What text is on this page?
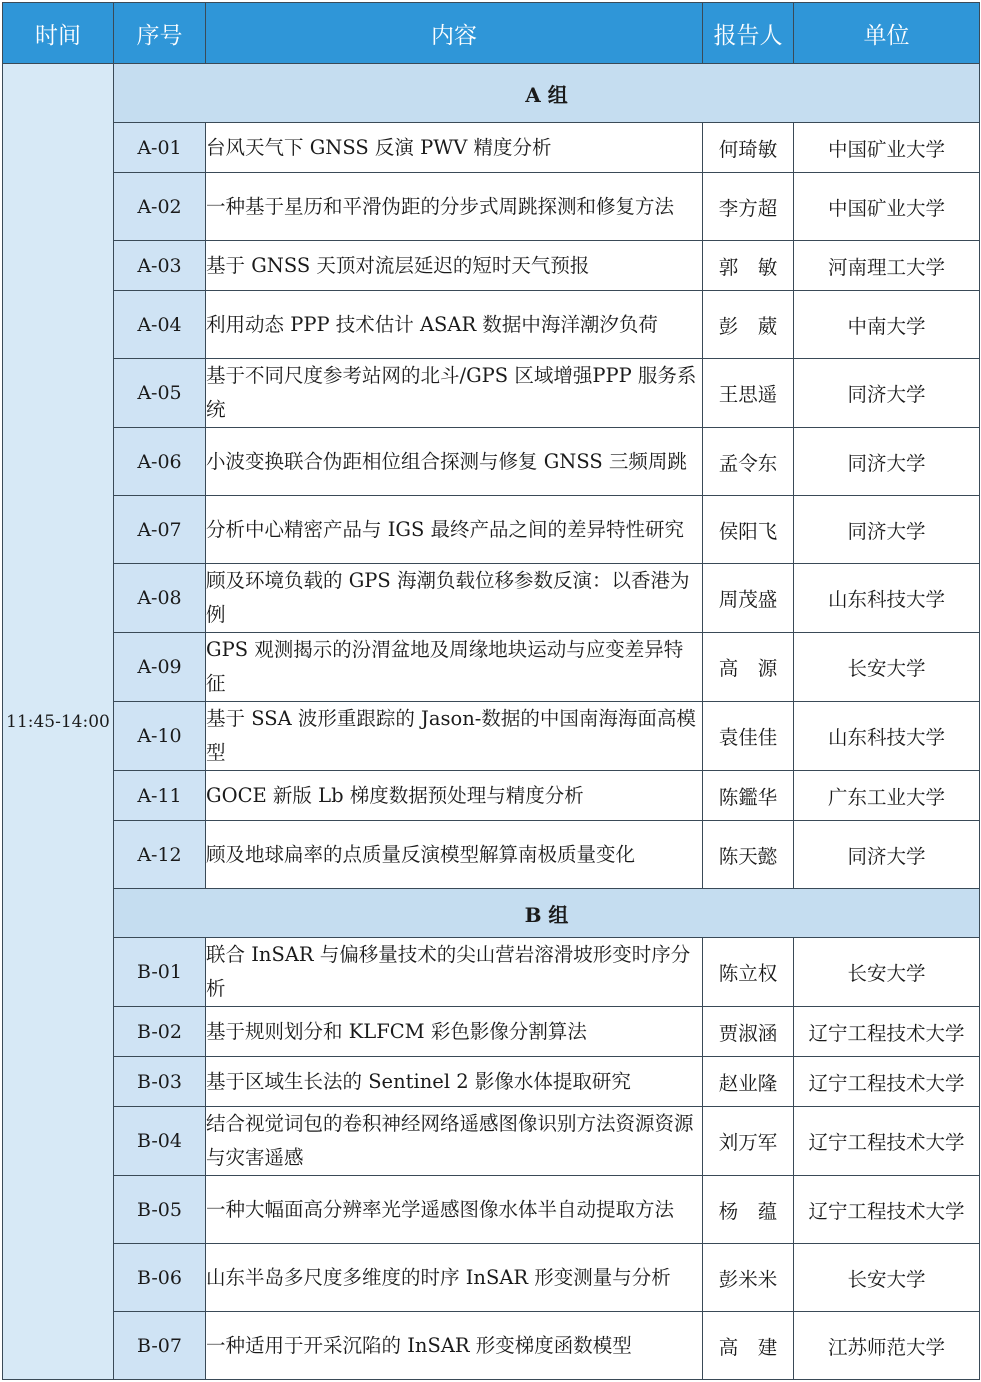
时间	序号	内容	报告人	单位
11:45-14:00	A 组			
	A-01	台风天气下 GNSS 反演 PWV 精度分析	何琦敏	中国矿业大学
	A-02	一种基于星历和平滑伪距的分步式周跳探测和修复方法	李方超	中国矿业大学
	A-03	基于 GNSS 天顶对流层延迟的短时天气预报	郭　敏	河南理工大学
	A-04	利用动态 PPP 技术估计 ASAR 数据中海洋潮汐负荷	彭　葳	中南大学
	A-05	基于不同尺度参考站网的北斗/GPS 区域增强PPP 服务系统	王思遥	同济大学
	A-06	小波变换联合伪距相位组合探测与修复 GNSS 三频周跳	孟令东	同济大学
	A-07	分析中心精密产品与 IGS 最终产品之间的差异特性研究	侯阳飞	同济大学
	A-08	顾及环境负载的 GPS 海潮负载位移参数反演：以香港为例	周茂盛	山东科技大学
	A-09	GPS 观测揭示的汾渭盆地及周缘地块运动与应变差异特征	高　源	长安大学
	A-10	基于 SSA 波形重跟踪的 Jason-数据的中国南海海面高模型	袁佳佳	山东科技大学
	A-11	GOCE 新版 Lb 梯度数据预处理与精度分析	陈鑑华	广东工业大学
	A-12	顾及地球扁率的点质量反演模型解算南极质量变化	陈天懿	同济大学
	B 组			
	B-01	联合 InSAR 与偏移量技术的尖山营岩溶滑坡形变时序分析	陈立权	长安大学
	B-02	基于规则划分和 KLFCM 彩色影像分割算法	贾淑涵	辽宁工程技术大学
	B-03	基于区域生长法的 Sentinel 2 影像水体提取研究	赵业隆	辽宁工程技术大学
	B-04	结合视觉词包的卷积神经网络遥感图像识别方法资源资源与灾害遥感	刘万军	辽宁工程技术大学
	B-05	一种大幅面高分辨率光学遥感图像水体半自动提取方法	杨　蕴	辽宁工程技术大学
	B-06	山东半岛多尺度多维度的时序 InSAR 形变测量与分析	彭米米	长安大学
	B-07	一种适用于开采沉陷的 InSAR 形变梯度函数模型	高　建	江苏师范大学
